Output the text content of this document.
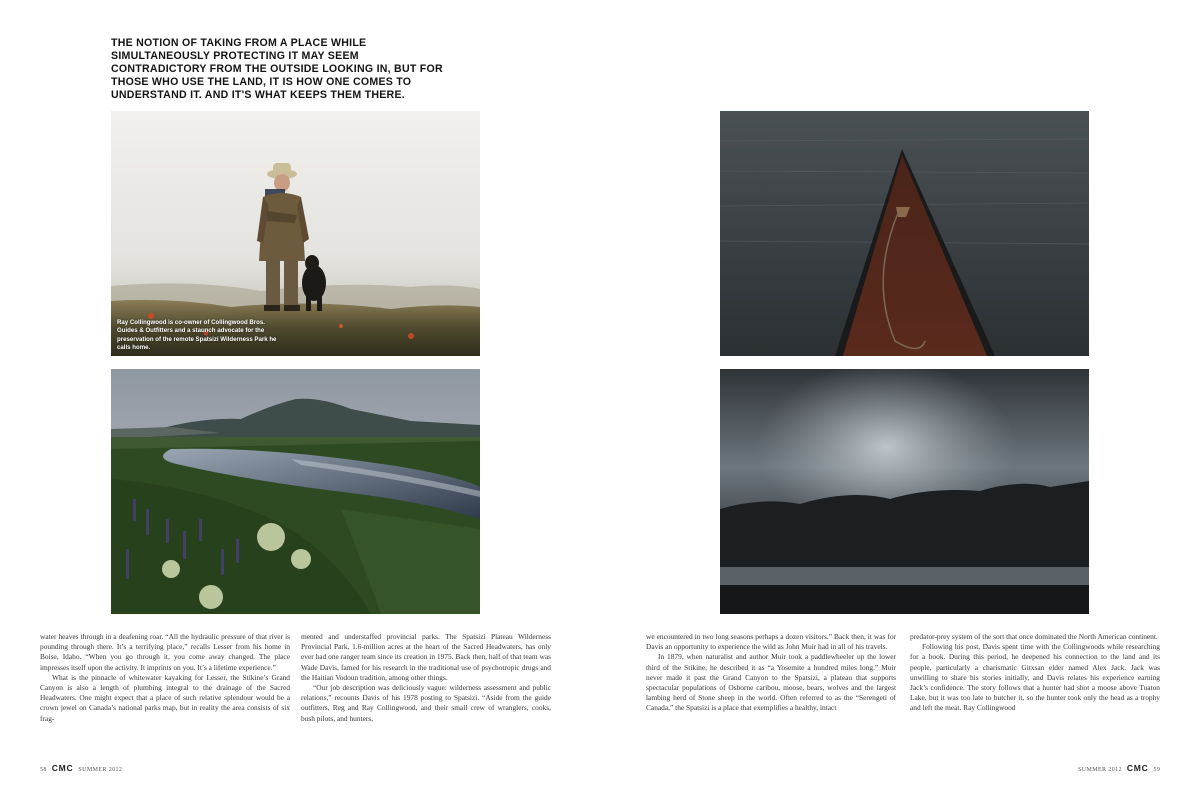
THE NOTION OF TAKING FROM A PLACE WHILE SIMULTANEOUSLY PROTECTING IT MAY SEEM CONTRADICTORY FROM THE OUTSIDE LOOKING IN, BUT FOR THOSE WHO USE THE LAND, IT IS HOW ONE COMES TO UNDERSTAND IT. AND IT'S WHAT KEEPS THEM THERE.
Ray Collingwood is co-owner of Collingwood Bros. Guides & Outfitters and a staunch advocate for the preservation of the remote Spatsizi Wilderness Park he calls home.

water heaves through in a deafening roar. “All the hydraulic pressure of that river is pounding through there. It’s a terrifying place,” recalls Lesser from his home in Boise, Idaho. “When you go through it, you come away changed. The place impresses itself upon the activity. It imprints on you. It’s a lifetime experience.”

What is the pinnacle of whitewater kayaking for Lesser, the Stikine’s Grand Canyon is also a length of plumbing integral to the drainage of the Sacred Headwaters. One might expect that a place of such relative splendour would be a crown jewel on Canada’s national parks map, but in reality the area consists of six frag-

mented and understaffed provincial parks. The Spatsizi Plateau Wilderness Provincial Park, 1.6-million acres at the heart of the Sacred Headwaters, has only ever had one ranger team since its creation in 1975. Back then, half of that team was Wade Davis, famed for his research in the traditional use of psychotropic drugs and the Haitian Vodoun tradition, among other things.

“Our job description was deliciously vague: wilderness assessment and public relations,” recounts Davis of his 1978 posting to Spatsizi. “Aside from the guide outfitters, Reg and Ray Collingwood, and their small crew of wranglers, cooks, bush pilots, and hunters,

we encountered in two long seasons perhaps a dozen visitors.” Back then, it was for Davis an opportunity to experience the wild as John Muir had in all of his travels.

In 1879, when naturalist and author Muir took a paddlewheeler up the lower third of the Stikine, he described it as “a Yosemite a hundred miles long.” Muir never made it past the Grand Canyon to the Spatsizi, a plateau that supports spectacular populations of Osborne caribou, moose, bears, wolves and the largest lambing herd of Stone sheep in the world. Often referred to as the “Serengeti of Canada,” the Spatsizi is a place that exemplifies a healthy, intact

predator-prey system of the sort that once dominated the North American continent.

Following his post, Davis spent time with the Collingwoods while researching for a book. During this period, he deepened his connection to the land and its people, particularly a charismatic Gitxsan elder named Alex Jack. Jack was unwilling to share his stories initially, and Davis relates his experience earning Jack’s confidence. The story follows that a hunter had shot a moose above Tuaton Lake, but it was too late to butcher it, so the hunter took only the head as a trophy and left the meat. Ray Collingwood

58 CMC SUMMER 2012	SUMMER 2012 CMC 59
